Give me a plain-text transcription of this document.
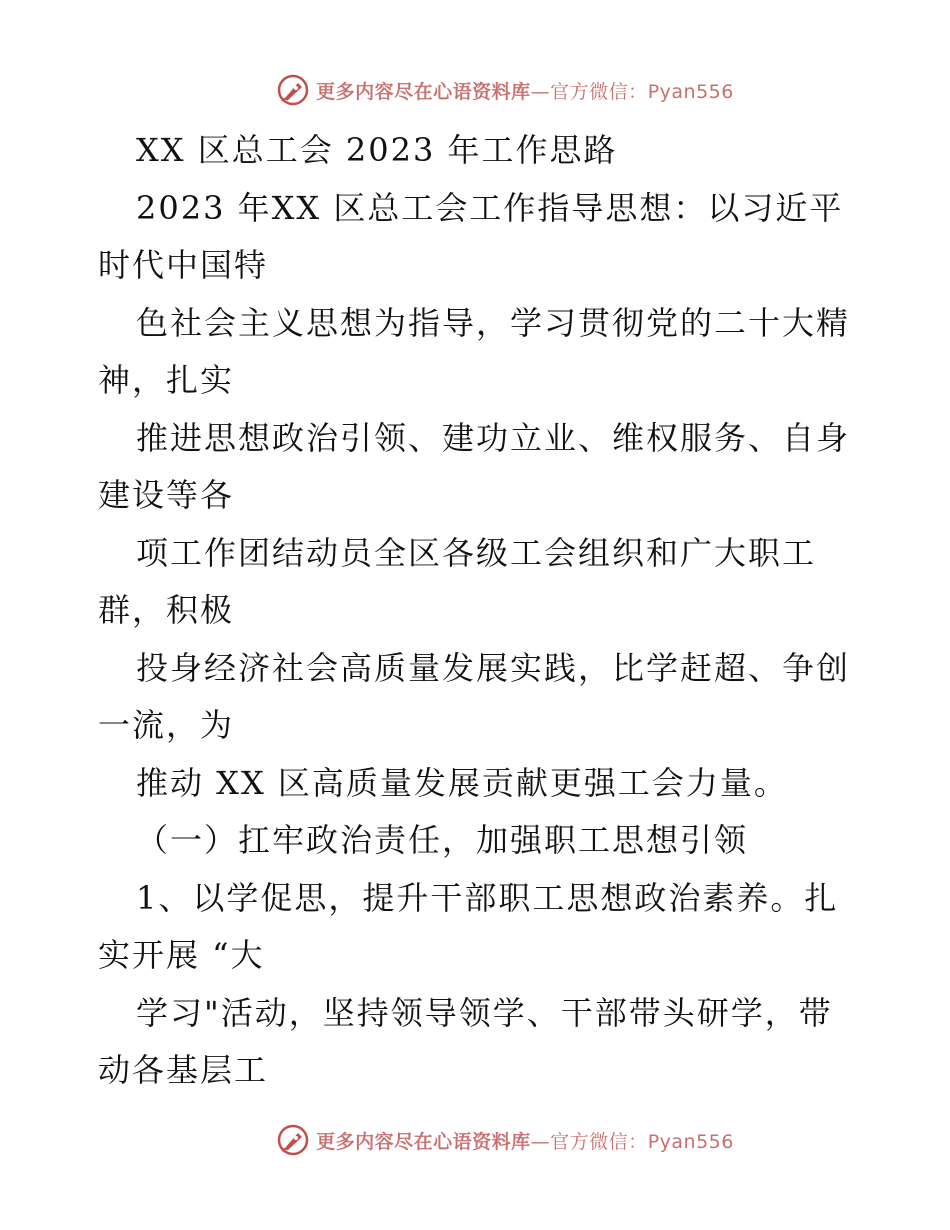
更多内容尽在心语资料库—官方微信：Pyan556
XX 区总工会 2023 年工作思路
2023 年XX 区总工会工作指导思想：以习近平
时代中国特
色社会主义思想为指导，学习贯彻党的二十大精
神，扎实
推进思想政治引领、建功立业、维权服务、自身
建设等各
项工作团结动员全区各级工会组织和广大职工
群，积极
投身经济社会高质量发展实践，比学赶超、争创
一流，为
推动 XX 区高质量发展贡献更强工会力量。
（一）扛牢政治责任，加强职工思想引领
1、以学促思，提升干部职工思想政治素养。扎
实开展 “大
学习"活动，坚持领导领学、干部带头研学，带
动各基层工
更多内容尽在心语资料库—官方微信：Pyan556
